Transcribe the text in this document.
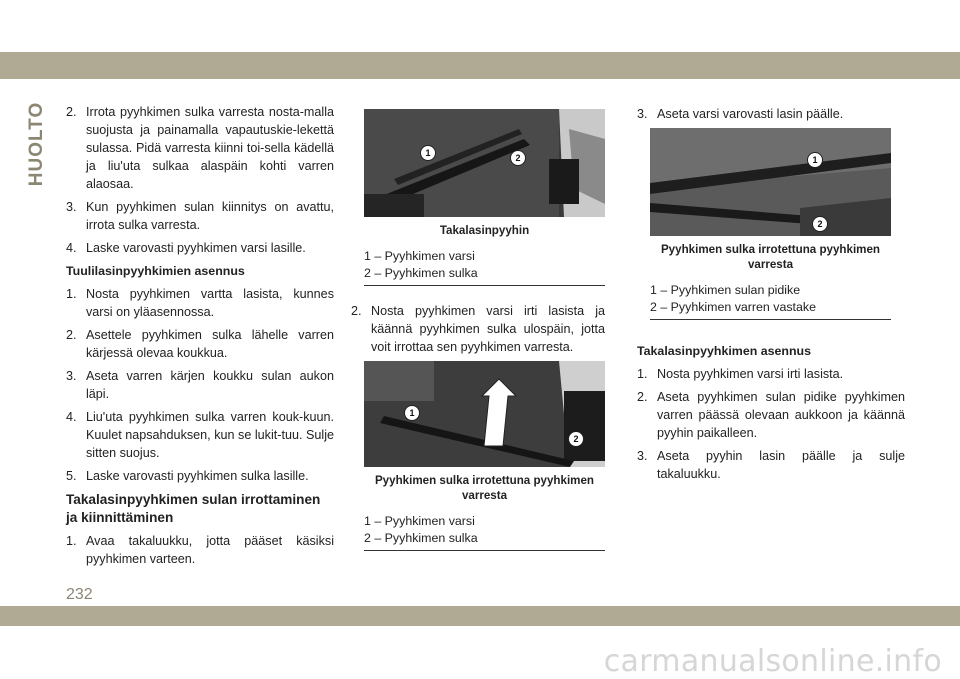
HUOLTO 2. Irrota pyyhkimen sulka varresta nosta-malla suojusta ja painamalla vapautuskie-lekettä sulassa. Pidä varresta kiinni toi-sella kädellä ja liu'uta sulkaa alaspäin kohti varren alaosaa.
3. Kun pyyhkimen sulan kiinnitys on avattu, irrota sulka varresta.
4. Laske varovasti pyyhkimen varsi lasille.
Tuulilasinpyyhkimien asennus
1. Nosta pyyhkimen vartta lasista, kunnes varsi on yläasennossa.
2. Asettele pyyhkimen sulka lähelle varren kärjessä olevaa koukkua.
3. Aseta varren kärjen koukku sulan aukon läpi.
4. Liu'uta pyyhkimen sulka varren kouk-kuun. Kuulet napsahduksen, kun se lukit-tuu. Sulje sitten suojus.
5. Laske varovasti pyyhkimen sulka lasille.
Takalasinpyyhkimen sulan irrottaminen ja kiinnittäminen
1. Avaa takaluukku, jotta pääset käsiksi pyyhkimen varteen.
1	2
Takalasinpyyhin
1 – Pyyhkimen varsi
2 – Pyyhkimen sulka
2. Nosta pyyhkimen varsi irti lasista ja käännä pyyhkimen sulka ulospäin, jotta voit irrottaa sen pyyhkimen varresta.
1
2
Pyyhkimen sulka irrotettuna pyyhkimen varresta
1 – Pyyhkimen varsi
2 – Pyyhkimen sulka
3. Aseta varsi varovasti lasin päälle.
1
2
Pyyhkimen sulka irrotettuna pyyhkimen varresta
1 – Pyyhkimen sulan pidike
2 – Pyyhkimen varren vastake
Takalasinpyyhkimen asennus
1. Nosta pyyhkimen varsi irti lasista.
2. Aseta pyyhkimen sulan pidike pyyhkimen varren päässä olevaan aukkoon ja käännä pyyhin paikalleen.
3. Aseta pyyhin lasin päälle ja sulje takaluukku.
232
carmanualsonline.info
